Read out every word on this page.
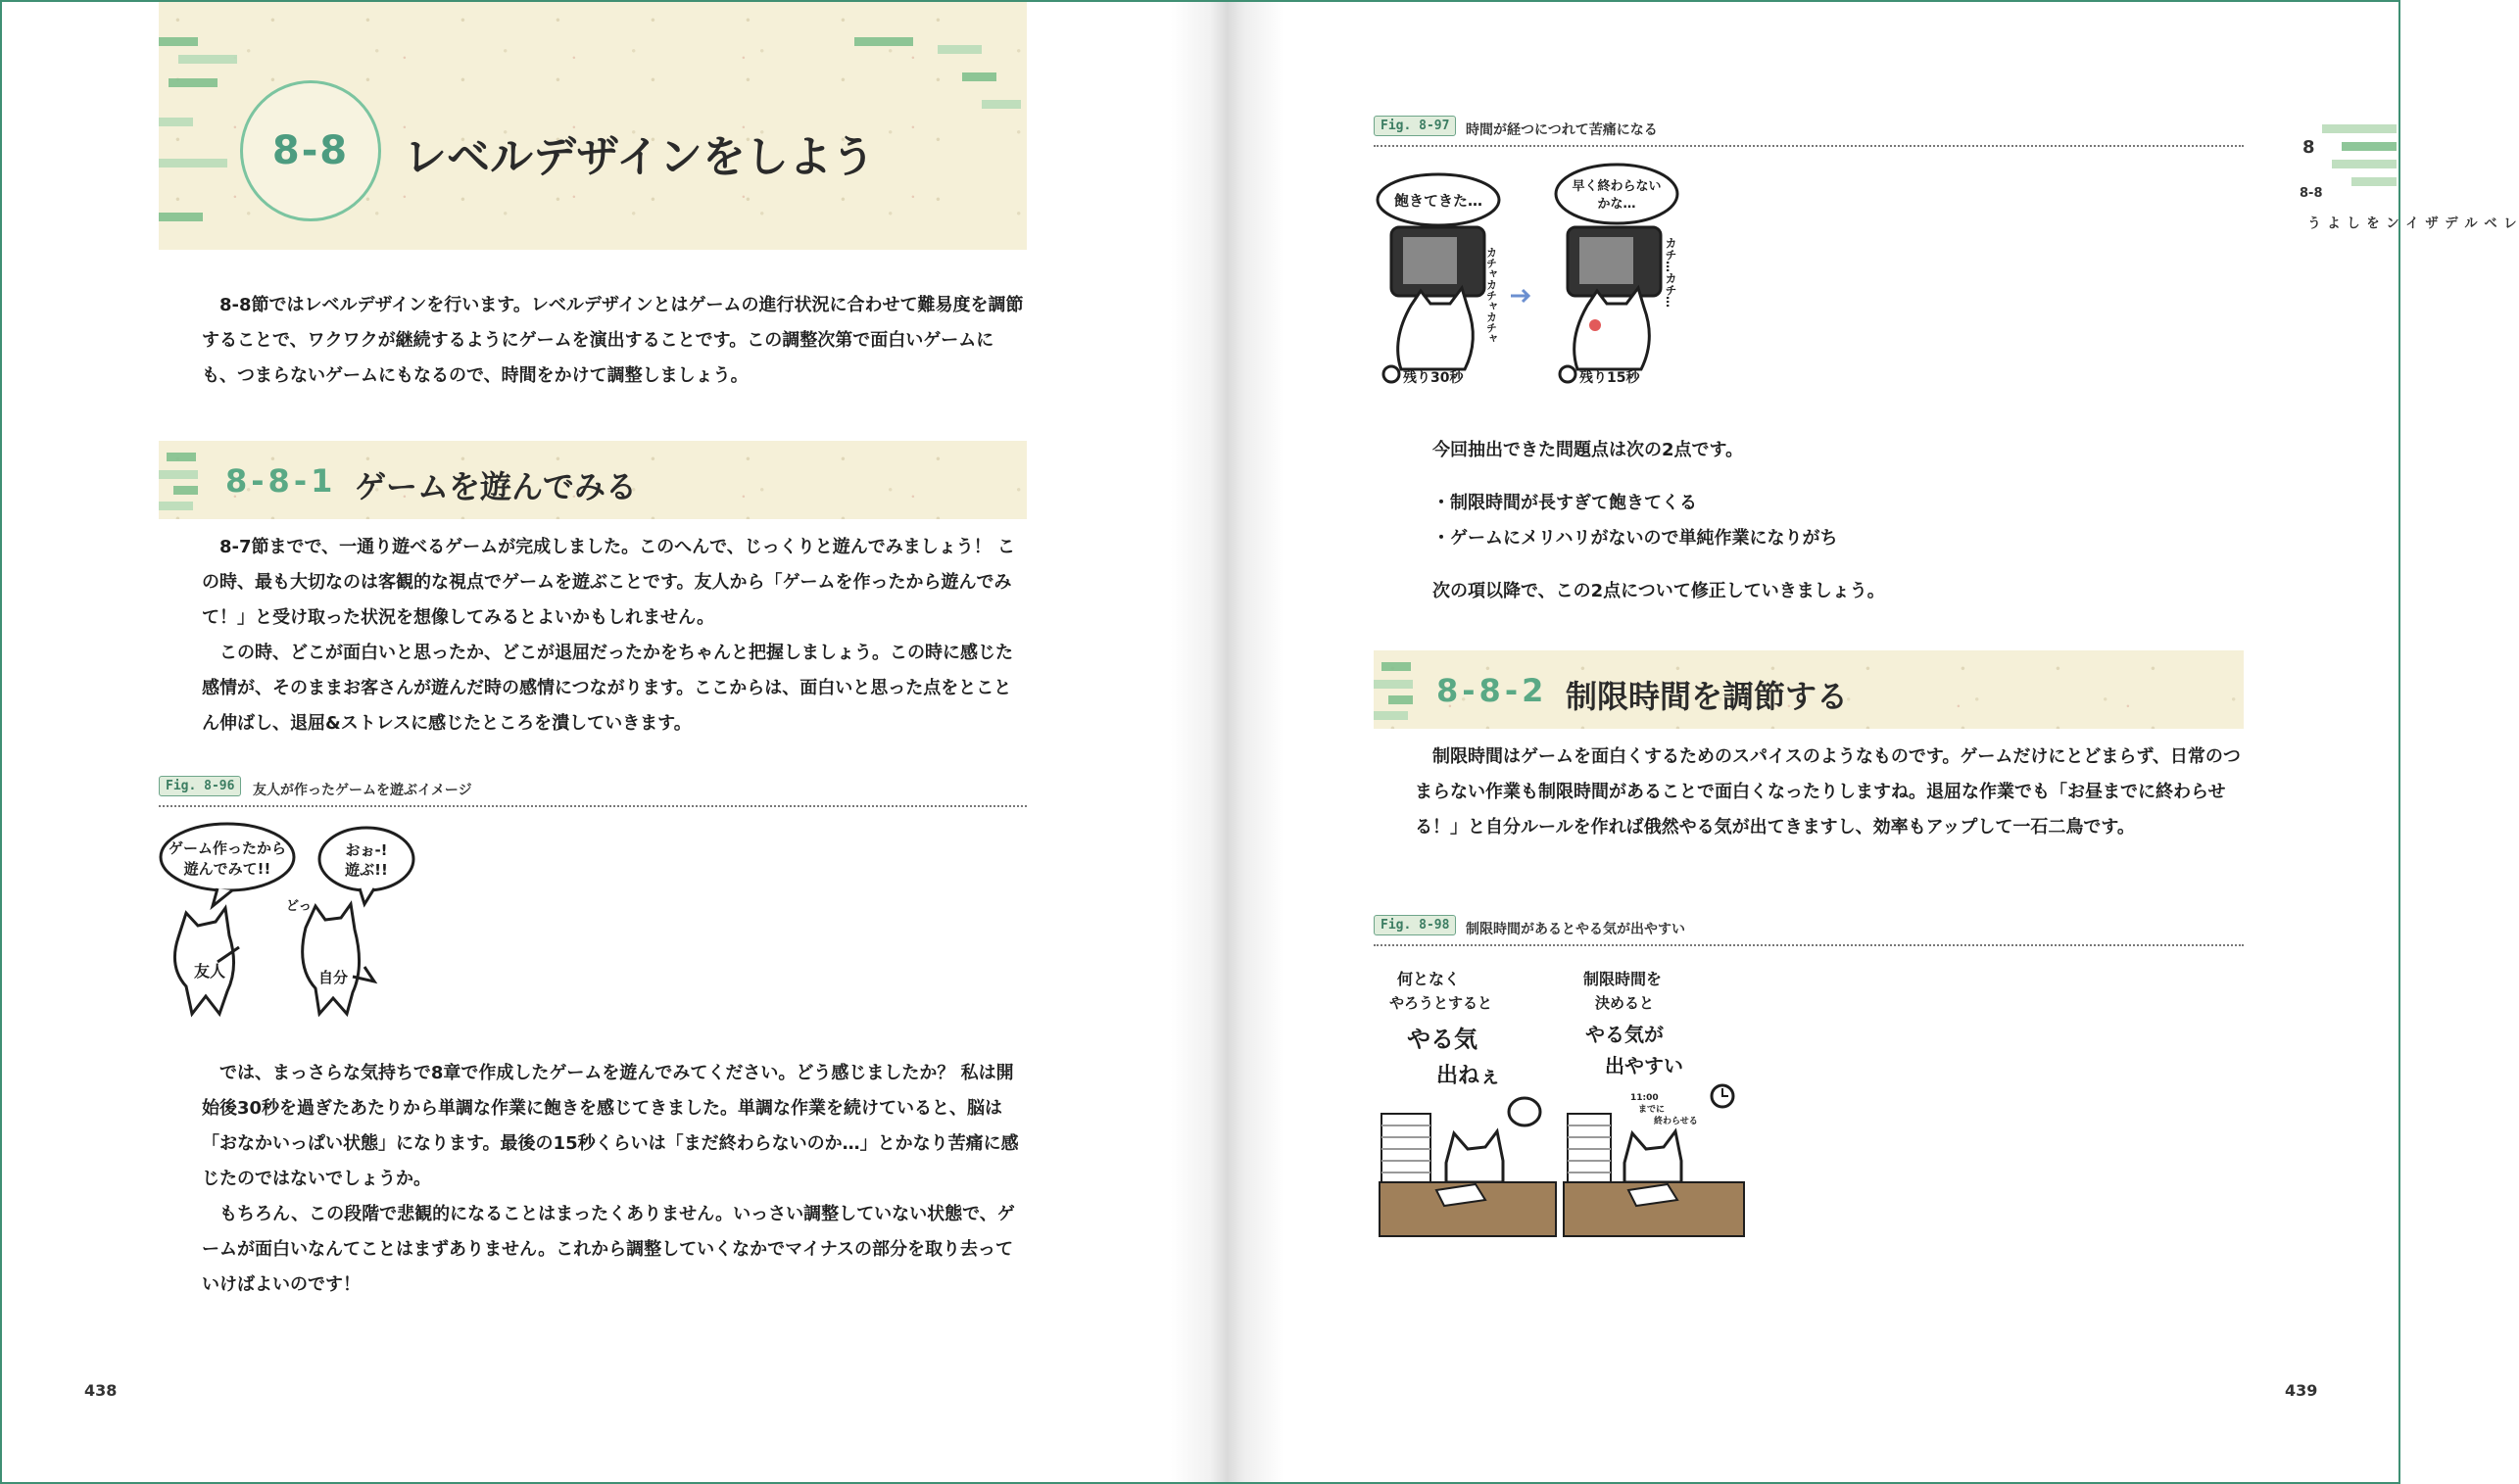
8-8	レベルデザインをしよう

8-8節ではレベルデザインを行います。レベルデザインとはゲームの進行状況に合わせて難易度を調節することで、ワクワクが継続するようにゲームを演出することです。この調整次第で面白いゲームにも、つまらないゲームにもなるので、時間をかけて調整しましょう。

8-8-1 ゲームを遊んでみる

8-7節までで、一通り遊べるゲームが完成しました。このへんで、じっくりと遊んでみましょう！ この時、最も大切なのは客観的な視点でゲームを遊ぶことです。友人から「ゲームを作ったから遊んでみて！」と受け取った状況を想像してみるとよいかもしれません。

この時、どこが面白いと思ったか、どこが退屈だったかをちゃんと把握しましょう。この時に感じた感情が、そのままお客さんが遊んだ時の感情につながります。ここからは、面白いと思った点をとことん伸ばし、退屈&ストレスに感じたところを潰していきます。

Fig. 8-96	友人が作ったゲームを遊ぶイメージ
ゲーム作ったから
遊んでみて!!
おぉ-!
遊ぶ!!
友人
どっ
自分

では、まっさらな気持ちで8章で作成したゲームを遊んでみてください。どう感じましたか？ 私は開始後30秒を過ぎたあたりから単調な作業に飽きを感じてきました。単調な作業を続けていると、脳は「おなかいっぱい状態」になります。最後の15秒くらいは「まだ終わらないのか…」とかなり苦痛に感じたのではないでしょうか。

もちろん、この段階で悲観的になることはまったくありません。いっさい調整していない状態で、ゲームが面白いなんてことはまずありません。これから調整していくなかでマイナスの部分を取り去っていけばよいのです！

438
Fig. 8-97	時間が経つにつれて苦痛になる
飽きてきた…
残り30秒
カチャカチャカチャ
早く終わらない
かな…
残り15秒
カチ…カチ…

今回抽出できた問題点は次の2点です。

・制限時間が長すぎて飽きてくる

・ゲームにメリハリがないので単純作業になりがち

次の項以降で、この2点について修正していきましょう。

8-8-2 制限時間を調節する

制限時間はゲームを面白くするためのスパイスのようなものです。ゲームだけにとどまらず、日常のつまらない作業も制限時間があることで面白くなったりしますね。退屈な作業でも「お昼までに終わらせる！」と自分ルールを作れば俄然やる気が出てきますし、効率もアップして一石二鳥です。

Fig. 8-98	制限時間があるとやる気が出やすい
何となく
やろうとすると
やる気
出ねぇ
制限時間を
決めると
やる気が
出やすい
11:00
までに
終わらせる
8
8-8
レベルデザインをしよう
439
